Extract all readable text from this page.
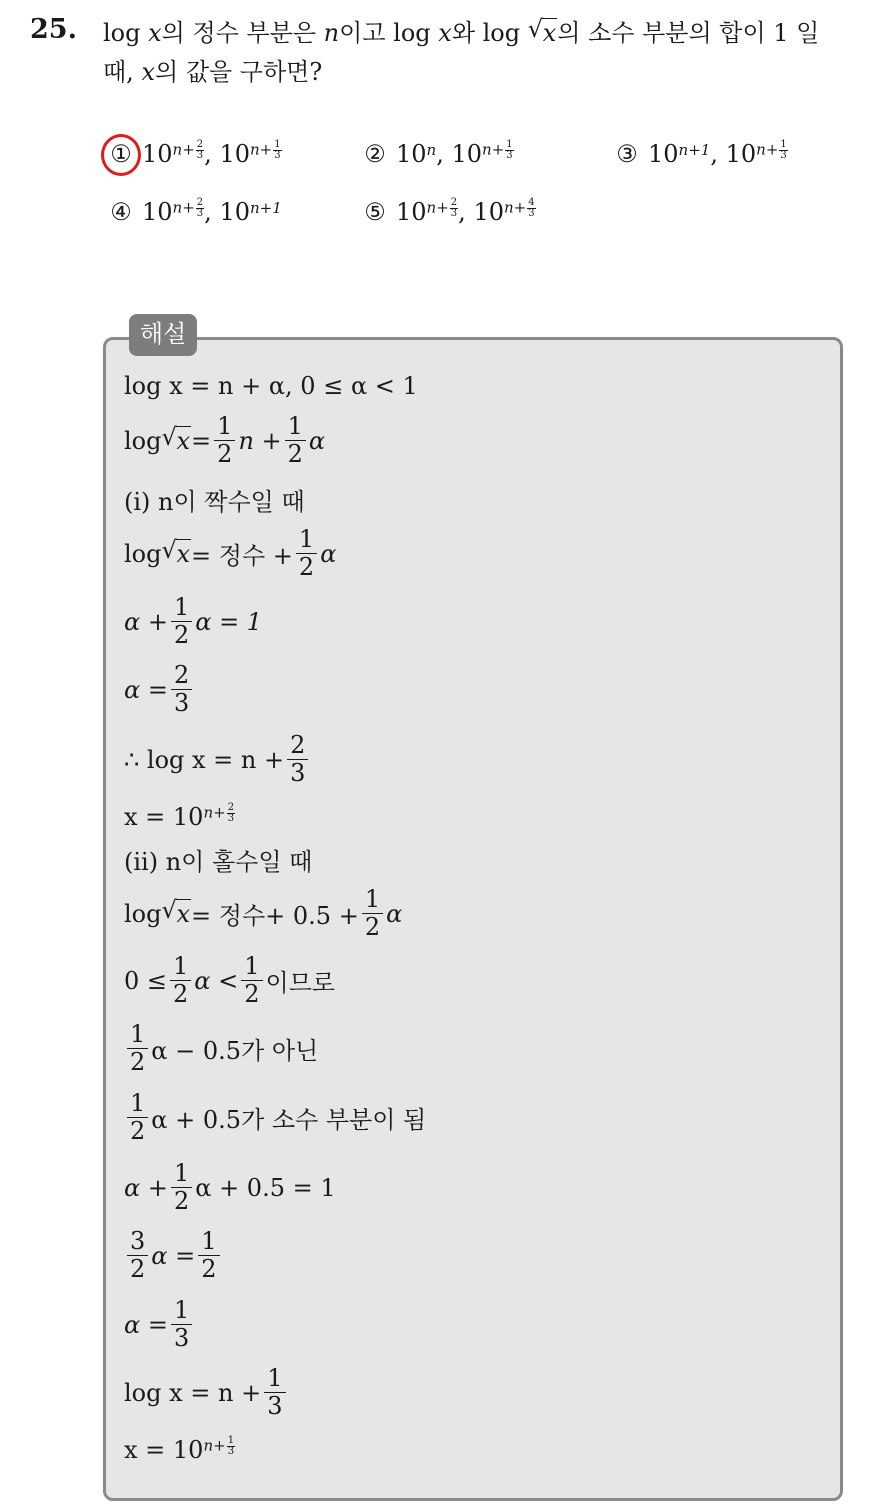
25. log x의 정수 부분은 n이고 log x와 log √ x의 소수 부분의 합이 1 일
때, x의 값을 구하면?
① 10 $^{n+ \frac{2}{3}}$ ,
10 $^{n+ \frac{1}{3}}$	② 10$^n$ ,
10 $^{n+ \frac{1}{3}}$	③ $10^{n+1}$ ,
10 $^{n+ \frac{1}{3}}$
④ 10 $^{n+ \frac{2}{3}}$ ,
$10^{n+1}$	⑤ 10 $^{n+ \frac{2}{3}}$ ,
10 $^{n+ \frac{4}{3}}$
해설
log x = n + α, 0 ≤ α < 1
log √ $x = \frac{1}{2}$ $n + \frac{1}{2}$ α
(i) n이 짝수일 때
log √ x = 정수 + $\frac{1}{2}$ α
$\alpha + \frac{1}{2}$ α = 1
$\alpha = \frac{2}{3}$
∴ $\log x = n + \frac{2}{3}$
x = 10 $^{n+ \frac{2}{3}}$
(ii) n이 홀수일 때
log √ x = 정수+ $0.5 + \frac{1}{2}$ α
$0 \le \frac{1}{2}$ $\alpha < \frac{1}{2}$ 이므로
$\frac{1}{2}$ α − 0.5가 아닌
$\frac{1}{2}$ α + 0.5가 소수 부분이 됨
$\alpha + \frac{1}{2}$ α + 0.5 = 1
$\frac{3}{2}$ $\alpha = \frac{1}{2}$
$\alpha = \frac{1}{3}$
$\log x = n + \frac{1}{3}$
x = 10 $^{n+ \frac{1}{3}}$
